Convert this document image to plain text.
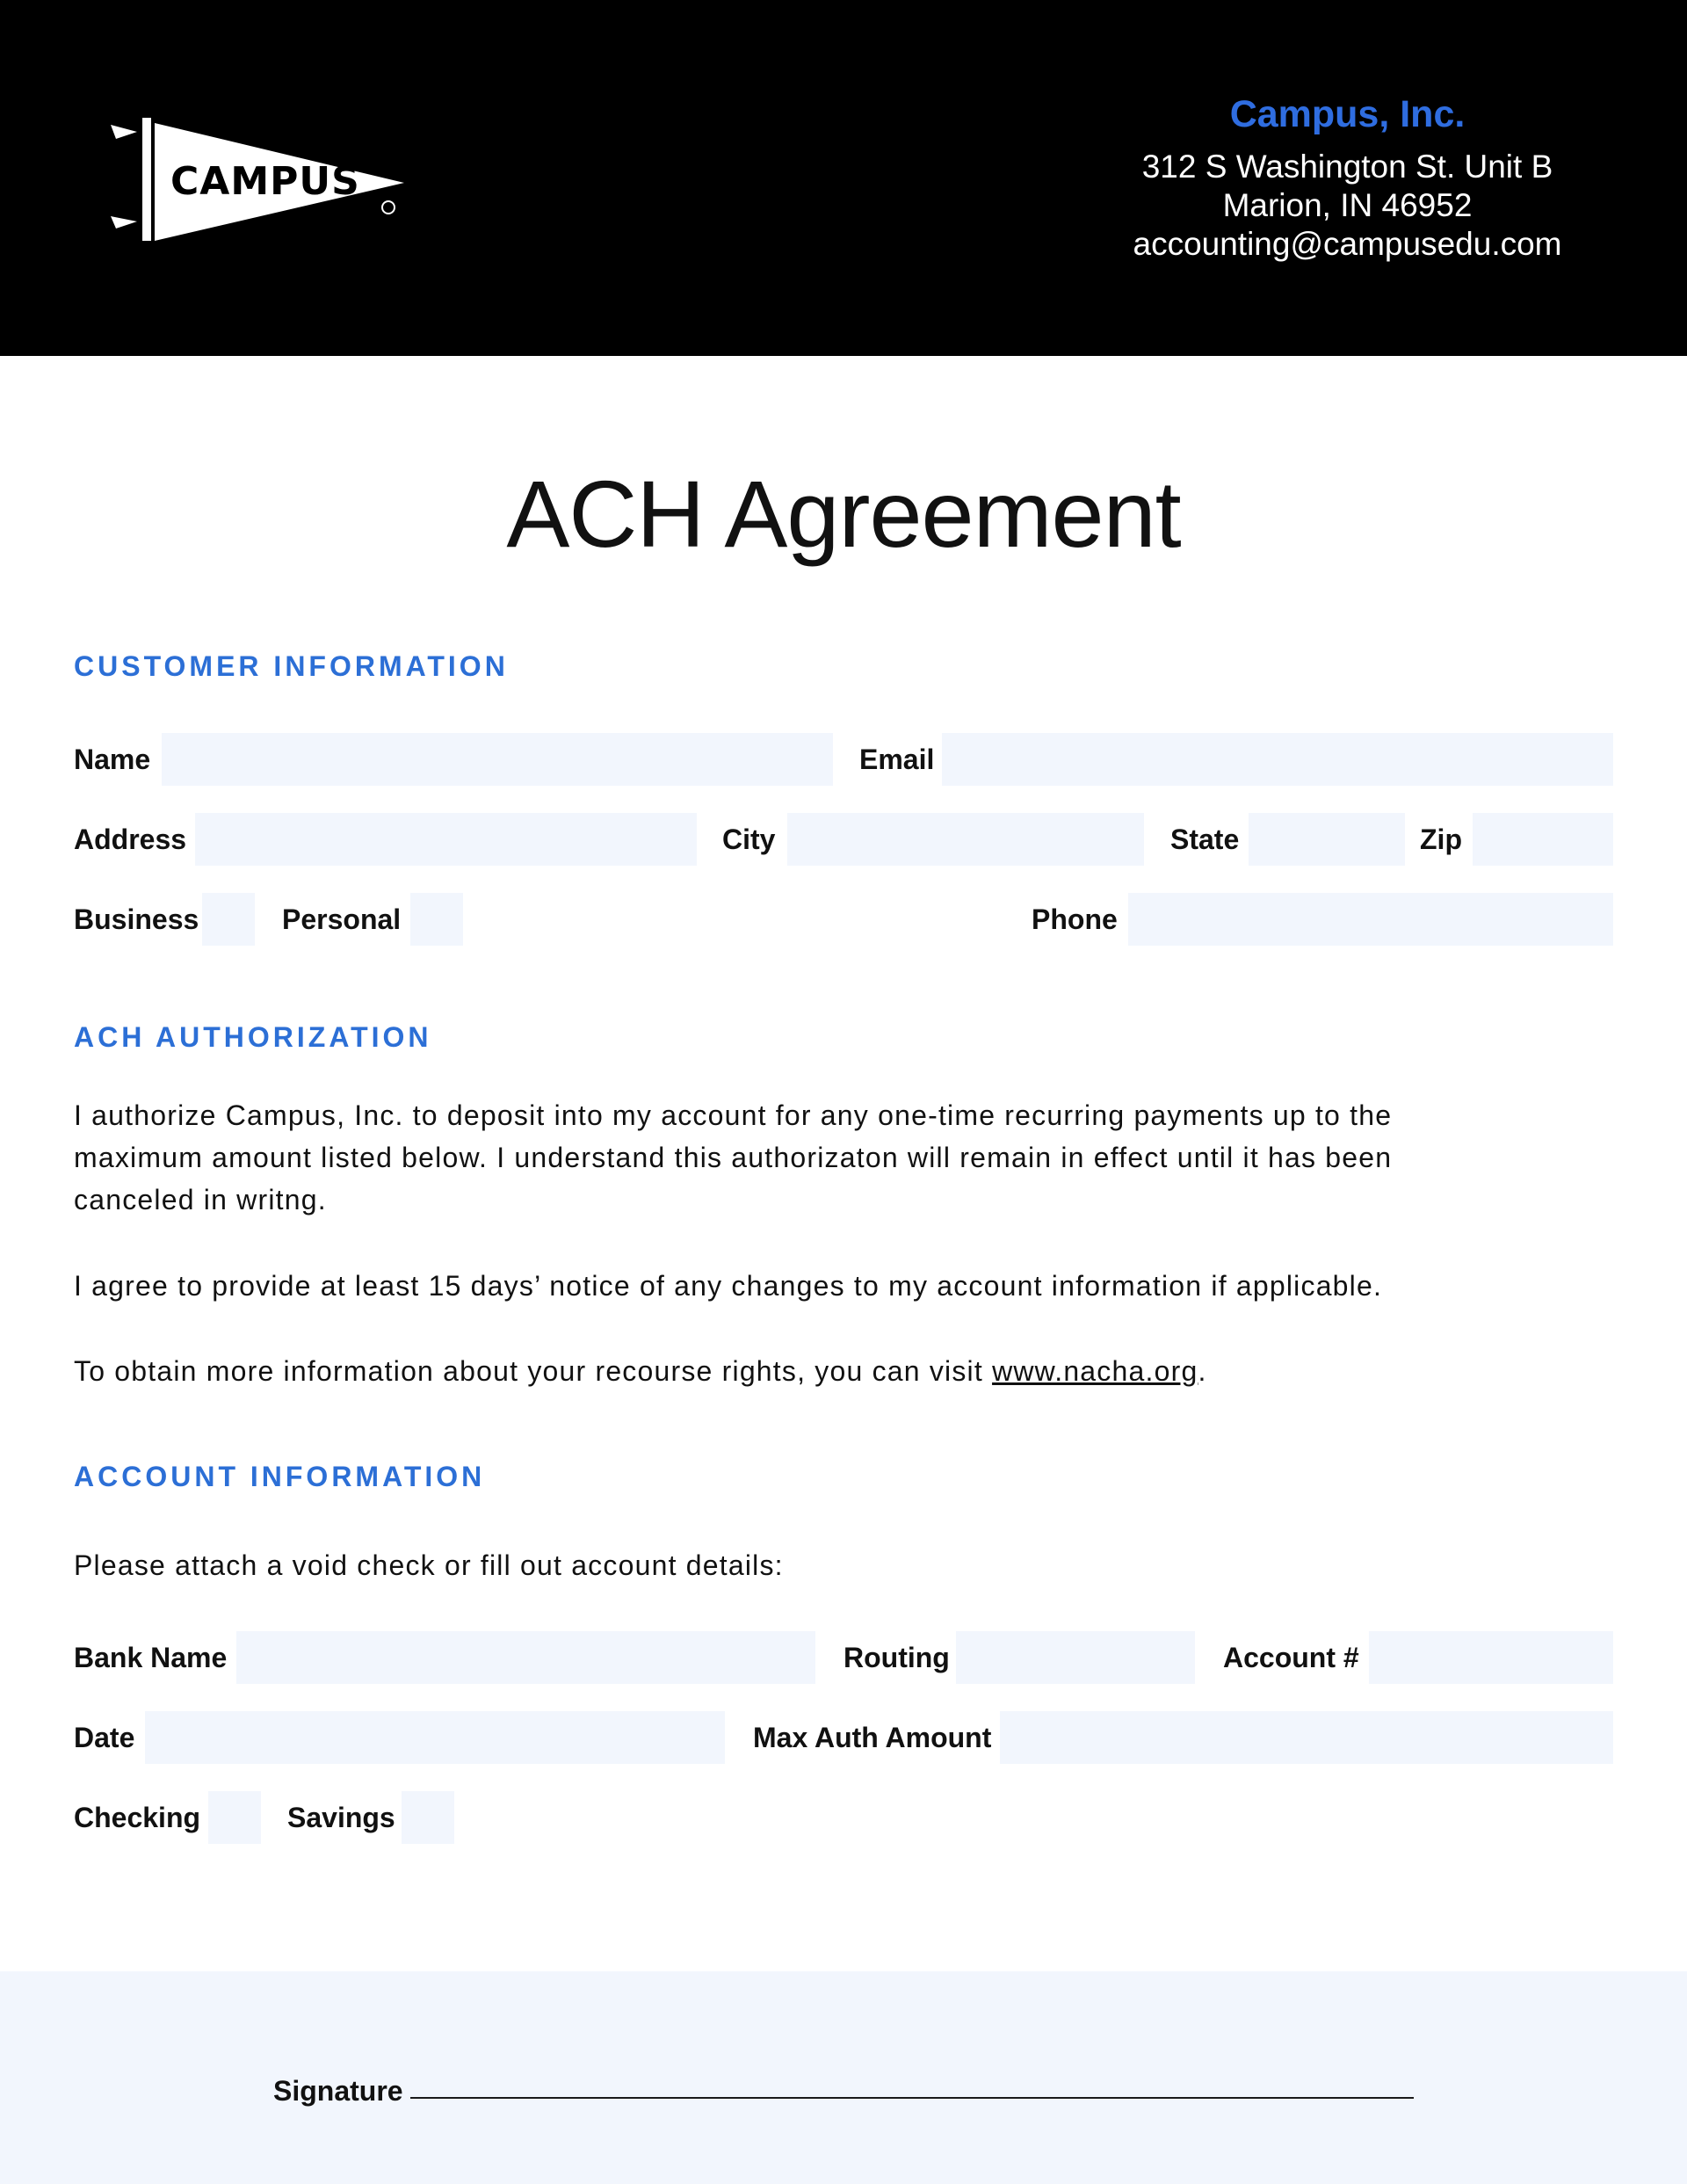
CAMPUS
Campus, Inc.
312 S Washington St. Unit B
Marion, IN 46952
accounting@campusedu.com
ACH Agreement
CUSTOMER INFORMATION
Name	Email
Address	City	State	Zip
Business	Personal	Phone
ACH AUTHORIZATION
I authorize Campus, Inc. to deposit into my account for any one-time recurring payments up to the maximum amount listed below. I understand this authorizaton will remain in effect until it has been canceled in writng.
I agree to provide at least 15 days’ notice of any changes to my account information if applicable.
To obtain more information about your recourse rights, you can visit www.nacha.org.
ACCOUNT INFORMATION
Please attach a void check or fill out account details:
Bank Name	Routing	Account #
Date	Max Auth Amount
Checking	Savings
Signature
